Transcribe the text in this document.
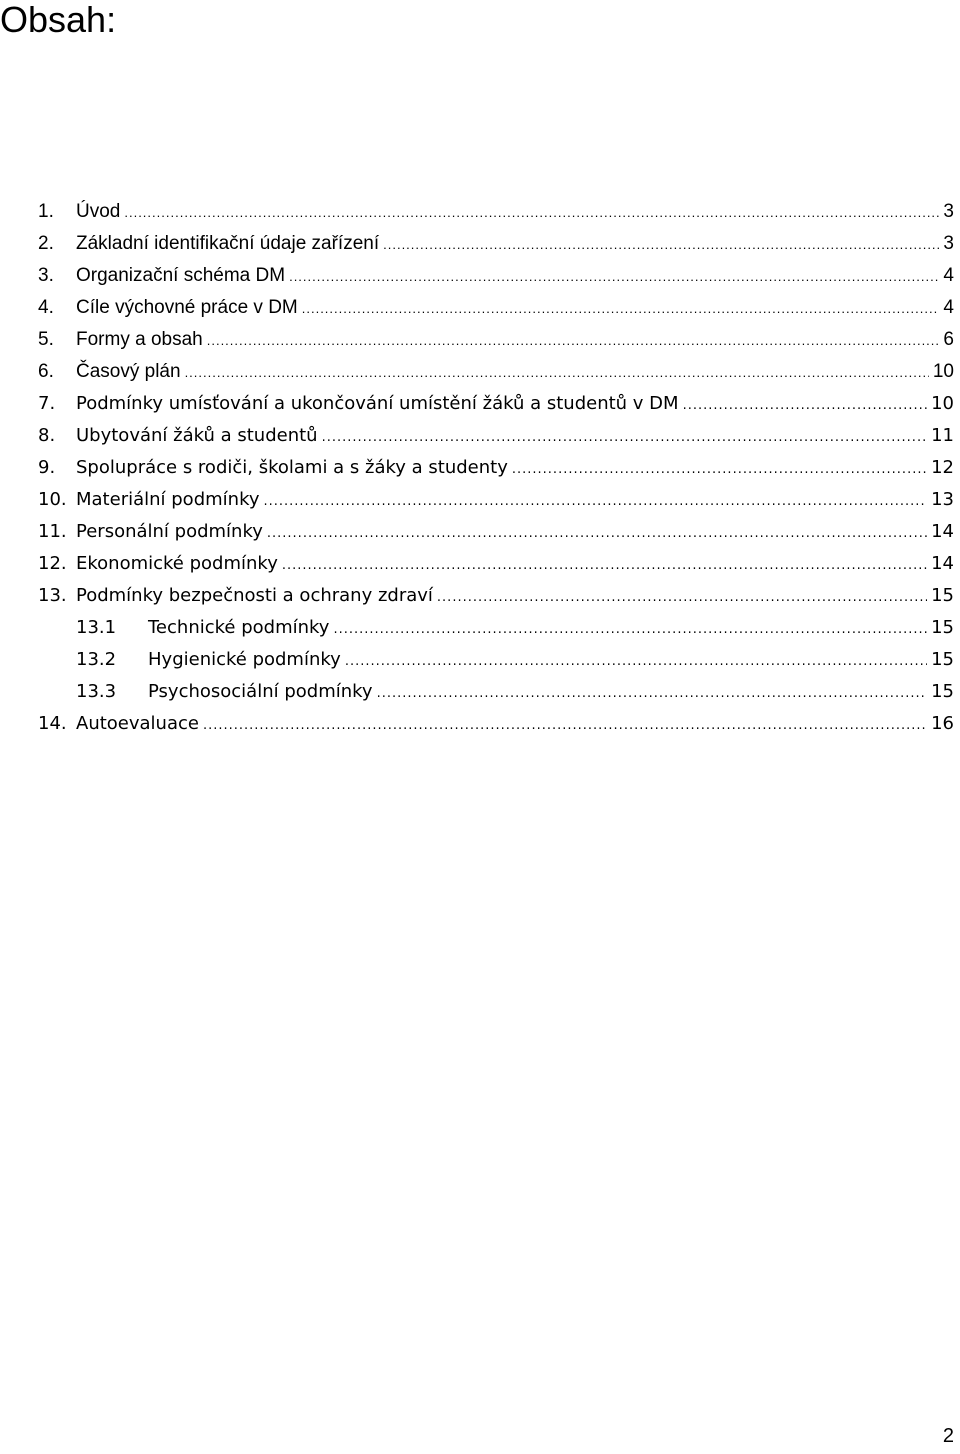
Obsah:
1.	Úvod .....	3
2.	Základní identifikační údaje zařízení .....	3
3.	Organizační schéma DM .....	4
4.	Cíle výchovné práce v DM .....	4
5.	Formy a obsah .....	6
6.	Časový plán .....	10
7.	Podmínky umísťování a ukončování umístění žáků a studentů v DM .....	10
8.	Ubytování žáků a studentů .....	11
9.	Spolupráce s rodiči, školami a s žáky a studenty .....	12
10. Materiální podmínky .....	13
11. Personální podmínky .....	14
12. Ekonomické podmínky .....	14
13. Podmínky bezpečnosti a ochrany zdraví .....	15
13.1	Technické podmínky .....	15
13.2	Hygienické podmínky .....	15
13.3	Psychosociální podmínky .....	15
14. Autoevaluace .....	16
2
